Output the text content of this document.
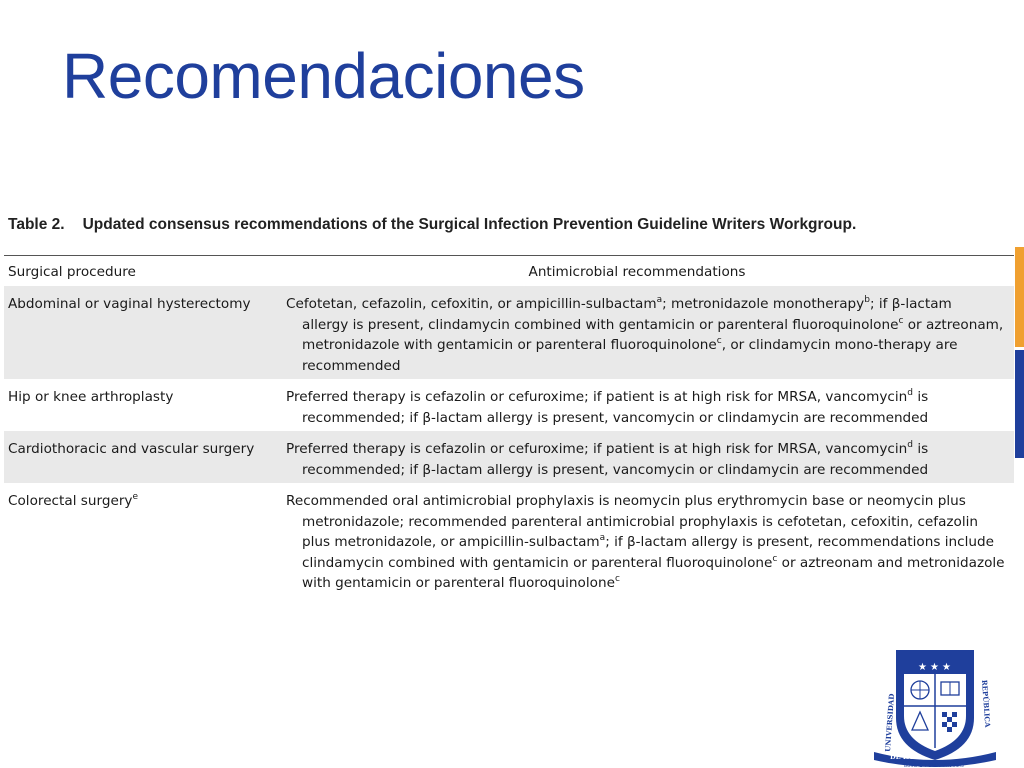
Recomendaciones
Table 2. Updated consensus recommendations of the Surgical Infection Prevention Guideline Writers Workgroup.
Surgical procedure	Antimicrobial recommendations
Abdominal or vaginal hysterectomy	Cefotetan, cefazolin, cefoxitin, or ampicillin-sulbactam$^a$; metronidazole monotherapy$^b$; if β-lactam
allergy is present, clindamycin combined with gentamicin or parenteral fluoroquinolone$^c$ or aztreonam, metronidazole with gentamicin or parenteral fluoroquinolone$^c$, or clindamycin mono-therapy are recommended
Hip or knee arthroplasty	Preferred therapy is cefazolin or cefuroxime; if patient is at high risk for MRSA, vancomycin$^d$ is
recommended; if β-lactam allergy is present, vancomycin or clindamycin are recommended
Cardiothoracic and vascular surgery	Preferred therapy is cefazolin or cefuroxime; if patient is at high risk for MRSA, vancomycin$^d$ is
recommended; if β-lactam allergy is present, vancomycin or clindamycin are recommended
Colorectal surgery$^e$	Recommended oral antimicrobial prophylaxis is neomycin plus erythromycin base or neomycin plus
metronidazole; recommended parenteral antimicrobial prophylaxis is cefotetan, cefoxitin, cefazolin plus metronidazole, or ampicillin-sulbactam$^a$; if β-lactam allergy is present, recommendations include clindamycin combined with gentamicin or parenteral fluoroquinolone$^c$ or aztreonam and metronidazole with gentamicin or parenteral fluoroquinolone$^c$
★ ★ ★
UNIVERSIDAD	REPÚBLICA
DE LA
BUSCAD Y ENCONTRAREIS
